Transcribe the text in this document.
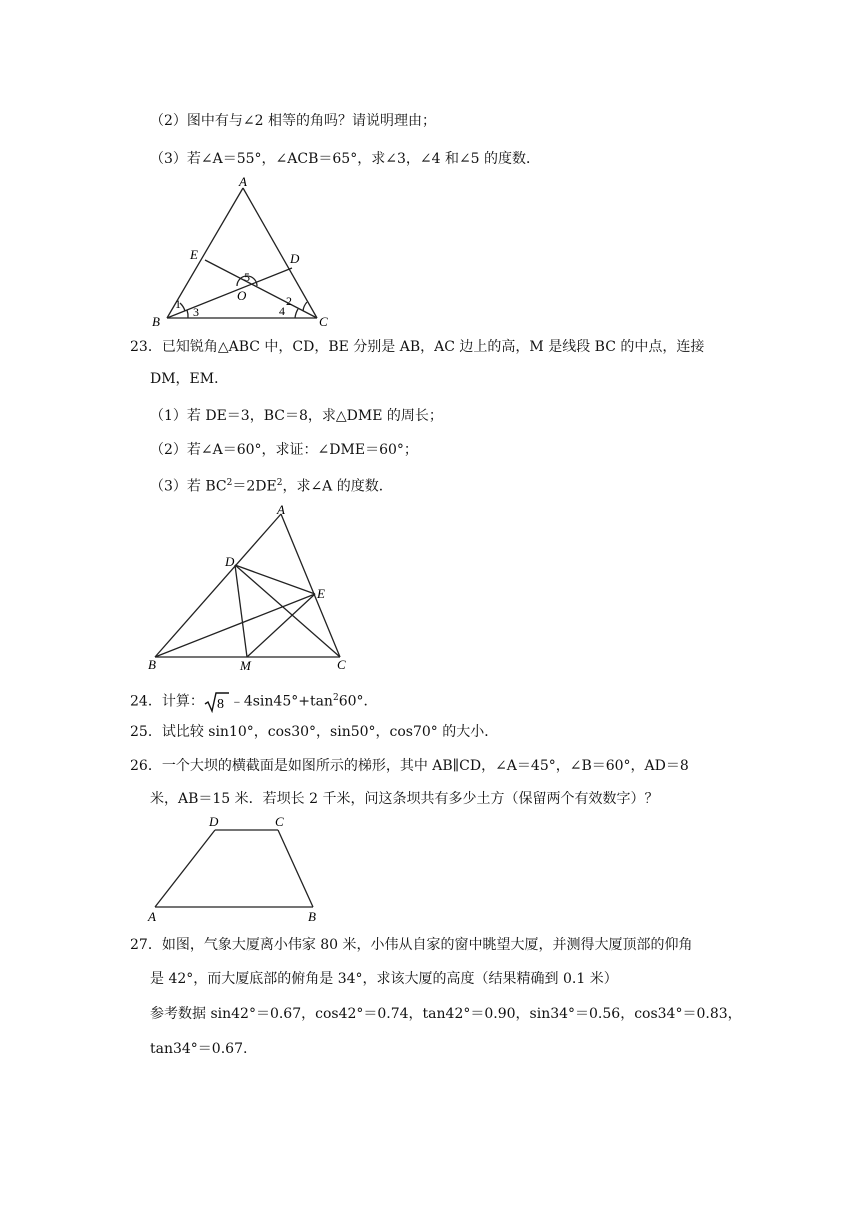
（2）图中有与∠2 相等的角吗？请说明理由；
（3）若∠A＝55°，∠ACB＝65°，求∠3，∠4 和∠5 的度数．
A
B	C
D
E
O
1
3
2
4
5
23．已知锐角△ABC 中，CD，BE 分别是 AB，AC 边上的高，M 是线段 BC 的中点，连接
DM，EM．
（1）若 DE＝3，BC＝8，求△DME 的周长；
（2）若∠A＝60°，求证：∠DME＝60°；
（3）若 $BC^2=2DE^2$，求∠A 的度数．
A
B	C
D
E
M
24．计算： 8 $﹣4\sin 45^\circ+\tan^260^\circ$．
25．试比较 sin10°，cos30°，sin50°，cos70° 的大小．
26．一个大坝的横截面是如图所示的梯形，其中 AB∥CD，∠A＝45°，∠B＝60°，AD＝8
米，AB＝15 米．若坝长 2 千米，问这条坝共有多少土方（保留两个有效数字）？
D	C
A	B
27．如图，气象大厦离小伟家 80 米，小伟从自家的窗中眺望大厦，并测得大厦顶部的仰角
是 42°，而大厦底部的俯角是 34°，求该大厦的高度（结果精确到 0.1 米）
参考数据 sin42°＝0.67，cos42°＝0.74，tan42°＝0.90，sin34°＝0.56，cos34°＝0.83，
tan34°＝0.67.
